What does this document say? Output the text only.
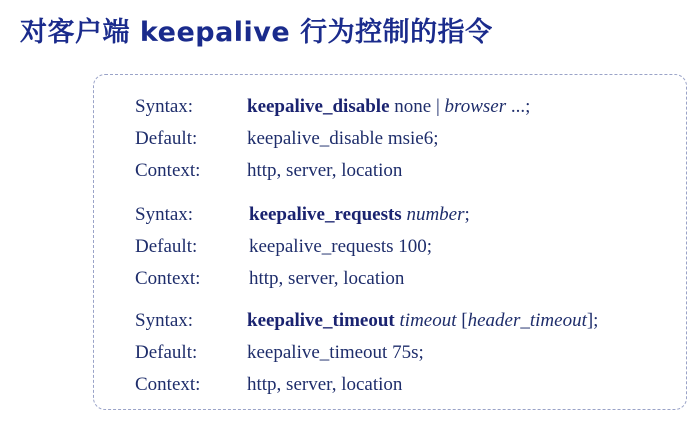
对客户端 keepalive 行为控制的指令
Syntax:	keepalive_disable none | browser ...;
Default:	keepalive_disable msie6;
Context: http, server, location
Syntax:	keepalive_requests number;
Default:	keepalive_requests 100;
Context:	http, server, location
Syntax:	keepalive_timeout timeout [header_timeout];
Default:	keepalive_timeout 75s;
Context: http, server, location
